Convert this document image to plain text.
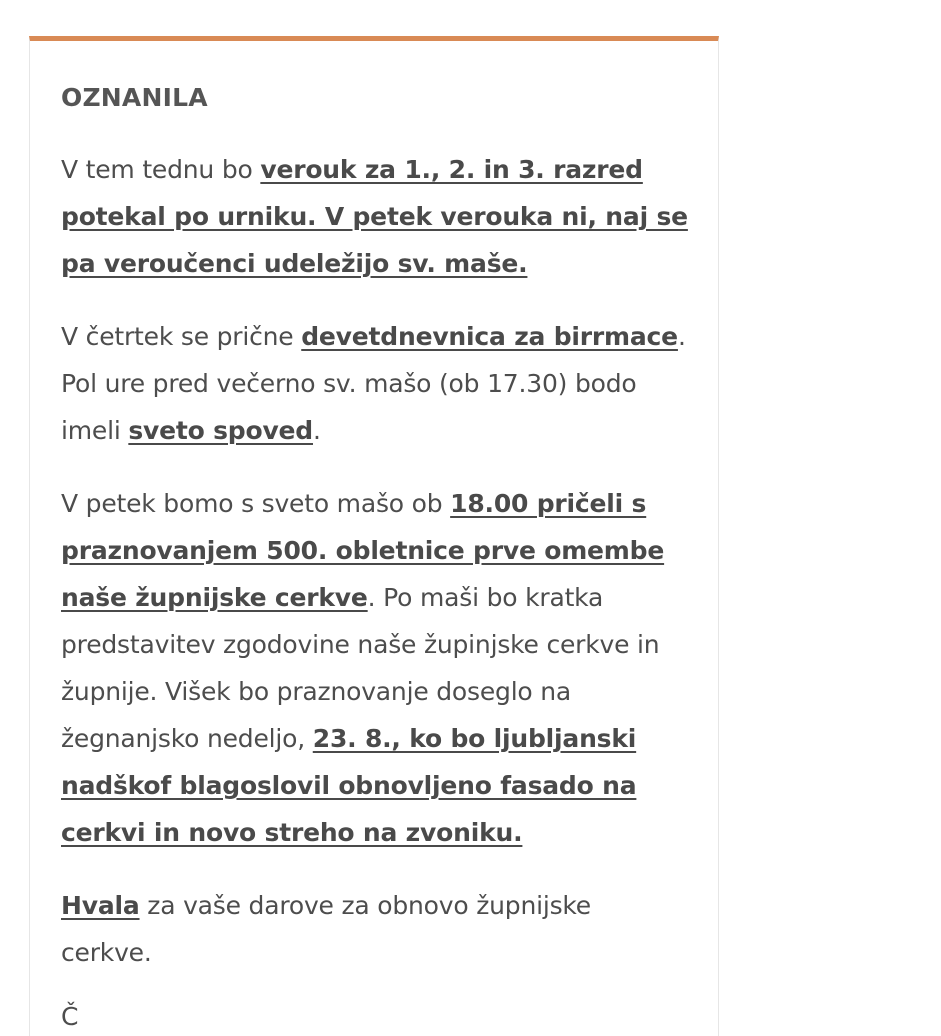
OZNANILA

V tem tednu bo verouk za 1., 2. in 3. razred potekal po urniku. V petek verouka ni, naj se pa veroučenci udeležijo sv. maše.

V četrtek se prične devetdnevnica za birrmace. Pol ure pred večerno sv. mašo (ob 17.30) bodo imeli sveto spoved.

V petek bomo s sveto mašo ob 18.00 pričeli s praznovanjem 500. obletnice prve omembe naše župnijske cerkve. Po maši bo kratka predstavitev zgodovine naše župinjske cerkve in župnije. Višek bo praznovanje doseglo na žegnanjsko nedeljo, 23. 8., ko bo ljubljanski nadškof blagoslovil obnovljeno fasado na cerkvi in novo streho na zvoniku.

Hvala za vaše darove za obnovo župnijske cerkve.

Č
